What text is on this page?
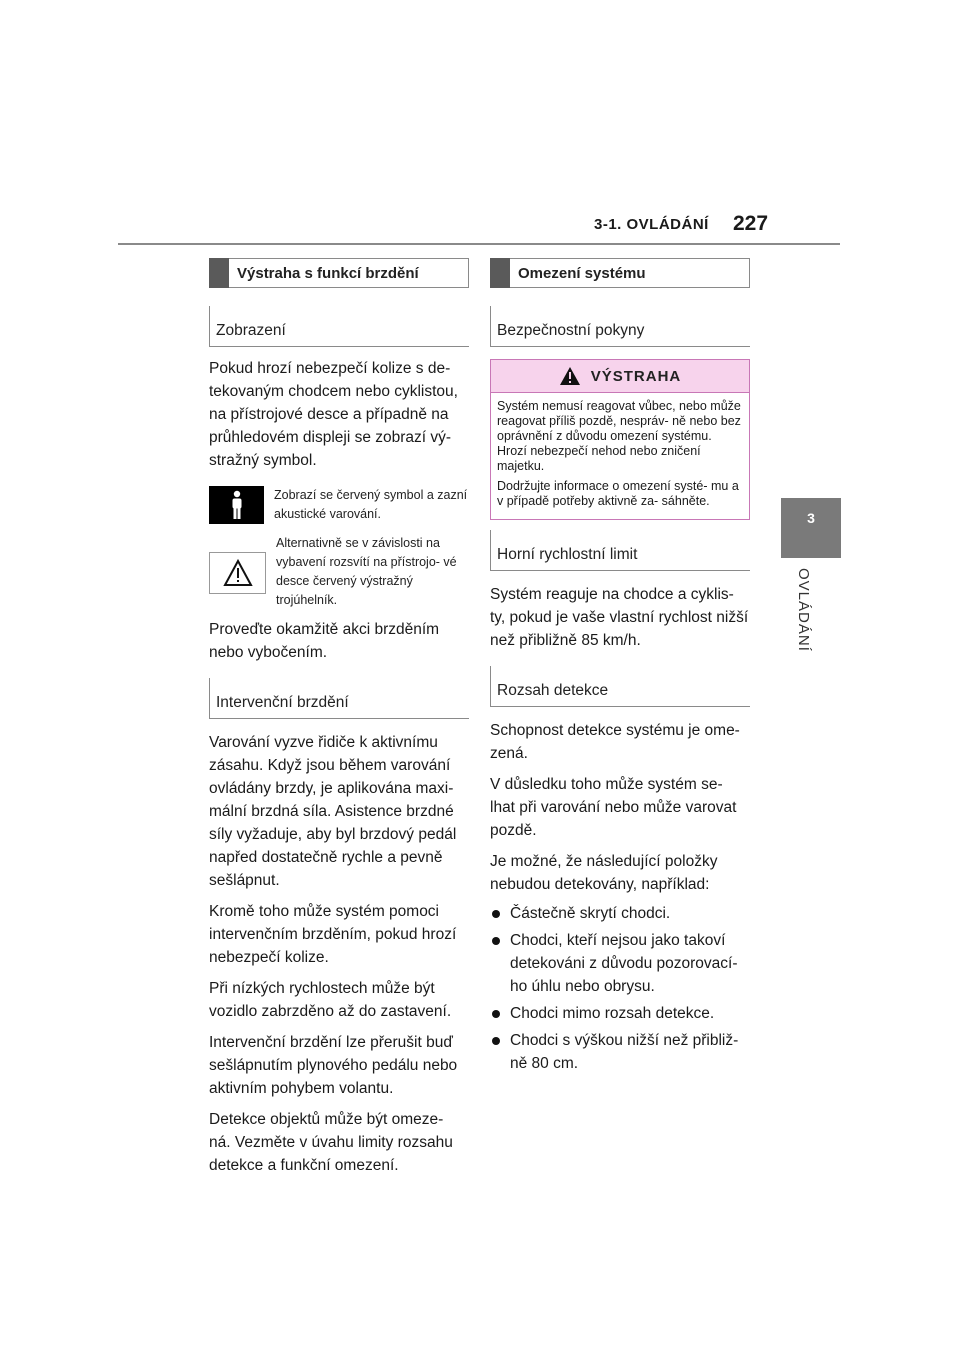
3-1. OVLÁDÁNÍ 227
3
OVLÁDÁNÍ
Výstraha s funkcí brzdění
Zobrazení

Pokud hrozí nebezpečí kolize s de- tekovaným chodcem nebo cyklistou, na přístrojové desce a případně na průhledovém displeji se zobrazí vý- stražný symbol.

Zobrazí se červený symbol a zazní akustické varování.
Alternativně se v závislosti na vybavení rozsvítí na přístrojo- vé desce červený výstražný trojúhelník.

Proveďte okamžitě akci brzděním nebo vybočením.

Intervenční brzdění

Varování vyzve řidiče k aktivnímu zásahu. Když jsou během varování ovládány brzdy, je aplikována maxi- mální brzdná síla. Asistence brzdné síly vyžaduje, aby byl brzdový pedál napřed dostatečně rychle a pevně sešlápnut.

Kromě toho může systém pomoci intervenčním brzděním, pokud hrozí nebezpečí kolize.

Při nízkých rychlostech může být vozidlo zabrzděno až do zastavení.

Intervenční brzdění lze přerušit buď sešlápnutím plynového pedálu nebo aktivním pohybem volantu.

Detekce objektů může být omeze- ná. Vezměte v úvahu limity rozsahu detekce a funkční omezení.

Omezení systému
Bezpečnostní pokyny
VÝSTRAHA

Systém nemusí reagovat vůbec, nebo může reagovat příliš pozdě, nespráv- ně nebo bez oprávnění z důvodu omezení systému. Hrozí nebezpečí nehod nebo zničení majetku.

Dodržujte informace o omezení systé- mu a v případě potřeby aktivně za- sáhněte.

Horní rychlostní limit

Systém reaguje na chodce a cyklis- ty, pokud je vaše vlastní rychlost nižší než přibližně 85 km/h.

Rozsah detekce

Schopnost detekce systému je ome- zená.

V důsledku toho může systém se- lhat při varování nebo může varovat pozdě.

Je možné, že následující položky nebudou detekovány, například:

Částečně skrytí chodci.
Chodci, kteří nejsou jako takoví detekováni z důvodu pozorovací- ho úhlu nebo obrysu.
Chodci mimo rozsah detekce.
Chodci s výškou nižší než přibliž- ně 80 cm.
